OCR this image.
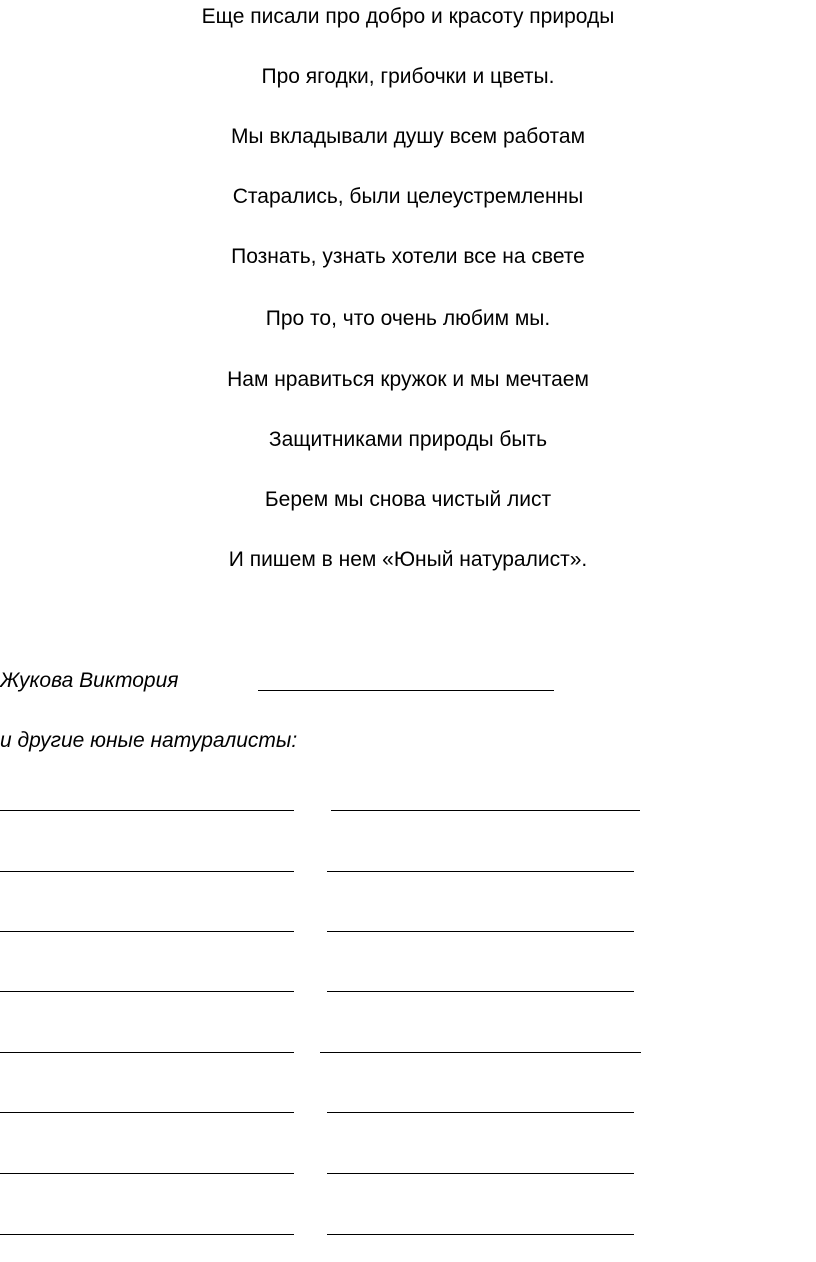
Еще писали про добро и красоту природы
Про ягодки, грибочки и цветы.
Мы вкладывали душу всем работам
Старались, были целеустремленны
Познать, узнать хотели все на свете
Про то, что очень любим мы.
Нам нравиться кружок и мы мечтаем
Защитниками природы быть
Берем мы снова чистый лист
И пишем в нем «Юный натуралист».
Жукова Виктория
и другие юные натуралисты:
